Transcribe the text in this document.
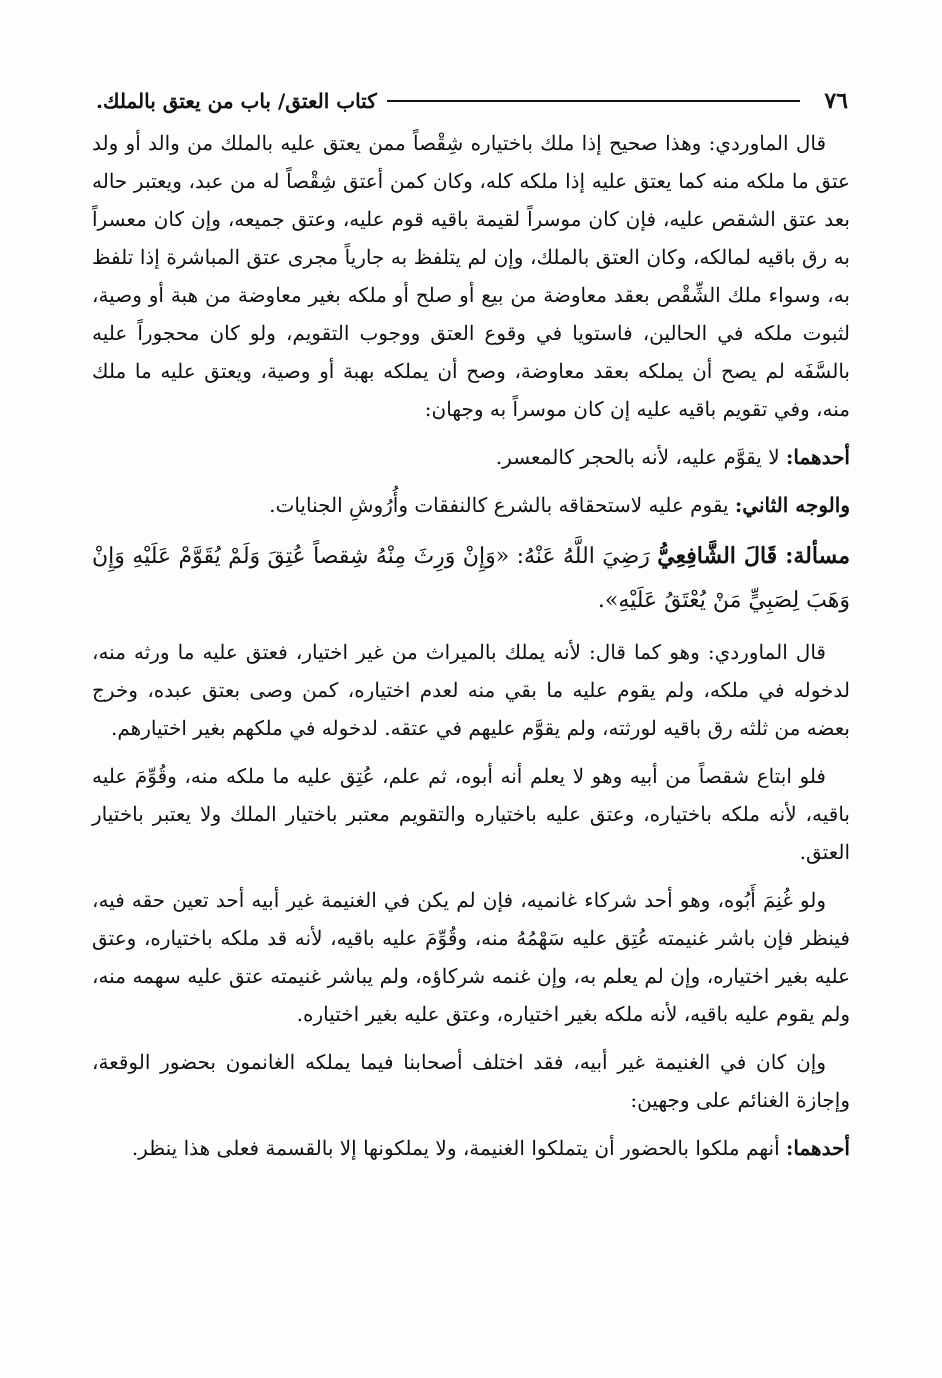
٧٦
كتاب العتق/ باب من يعتق بالملك.

قال الماوردي: وهذا صحيح إذا ملك باختياره شِقْصاً ممن يعتق عليه بالملك من والد أو ولد عتق ما ملكه منه كما يعتق عليه إذا ملكه كله، وكان كمن أعتق شِقْصاً له من عبد، ويعتبر حاله بعد عتق الشقص عليه، فإن كان موسراً لقيمة باقيه قوم عليه، وعتق جميعه، وإن كان معسراً به رق باقيه لمالكه، وكان العتق بالملك، وإن لم يتلفظ به جارياً مجرى عتق المباشرة إذا تلفظ به، وسواء ملك الشِّقْص بعقد معاوضة من بيع أو صلح أو ملكه بغير معاوضة من هبة أو وصية، لثبوت ملكه في الحالين، فاستويا في وقوع العتق ووجوب التقويم، ولو كان محجوراً عليه بالسَّفَه لم يصح أن يملكه بعقد معاوضة، وصح أن يملكه بهبة أو وصية، ويعتق عليه ما ملك منه، وفي تقويم باقيه عليه إن كان موسراً به وجهان:

أحدهما: لا يقوَّم عليه، لأنه بالحجر كالمعسر.

والوجه الثاني: يقوم عليه لاستحقاقه بالشرع كالنفقات وأُرُوشِ الجنايات.

مسألة: قَالَ الشَّافِعِيُّ رَضِيَ اللَّهُ عَنْهُ: «وَإِنْ وَرِثَ مِنْهُ شِقصاً عُتِقَ وَلَمْ يُقَوَّمْ عَلَيْهِ وَإِنْ وَهَبَ لِصَبِيٍّ مَنْ يُعْتَقُ عَلَيْهِ».

قال الماوردي: وهو كما قال: لأنه يملك بالميراث من غير اختيار، فعتق عليه ما ورثه منه، لدخوله في ملكه، ولم يقوم عليه ما بقي منه لعدم اختياره، كمن وصى بعتق عبده، وخرج بعضه من ثلثه رق باقيه لورثته، ولم يقوَّم عليهم في عتقه. لدخوله في ملكهم بغير اختيارهم.

فلو ابتاع شقصاً من أبيه وهو لا يعلم أنه أبوه، ثم علم، عُتِق عليه ما ملكه منه، وقُوِّمَ عليه باقيه، لأنه ملكه باختياره، وعتق عليه باختياره والتقويم معتبر باختيار الملك ولا يعتبر باختيار العتق.

ولو غُنِمَ أَبُوه، وهو أحد شركاء غانميه، فإن لم يكن في الغنيمة غير أبيه أحد تعين حقه فيه، فينظر فإن باشر غنيمته عُتِق عليه سَهْمُهُ منه، وقُوِّمَ عليه باقيه، لأنه قد ملكه باختياره، وعتق عليه بغير اختياره، وإن لم يعلم به، وإن غنمه شركاؤه، ولم يباشر غنيمته عتق عليه سهمه منه، ولم يقوم عليه باقيه، لأنه ملكه بغير اختياره، وعتق عليه بغير اختياره.

وإن كان في الغنيمة غير أبيه، فقد اختلف أصحابنا فيما يملكه الغانمون بحضور الوقعة، وإجازة الغنائم على وجهين:

أحدهما: أنهم ملكوا بالحضور أن يتملكوا الغنيمة، ولا يملكونها إلا بالقسمة فعلى هذا ينظر.
